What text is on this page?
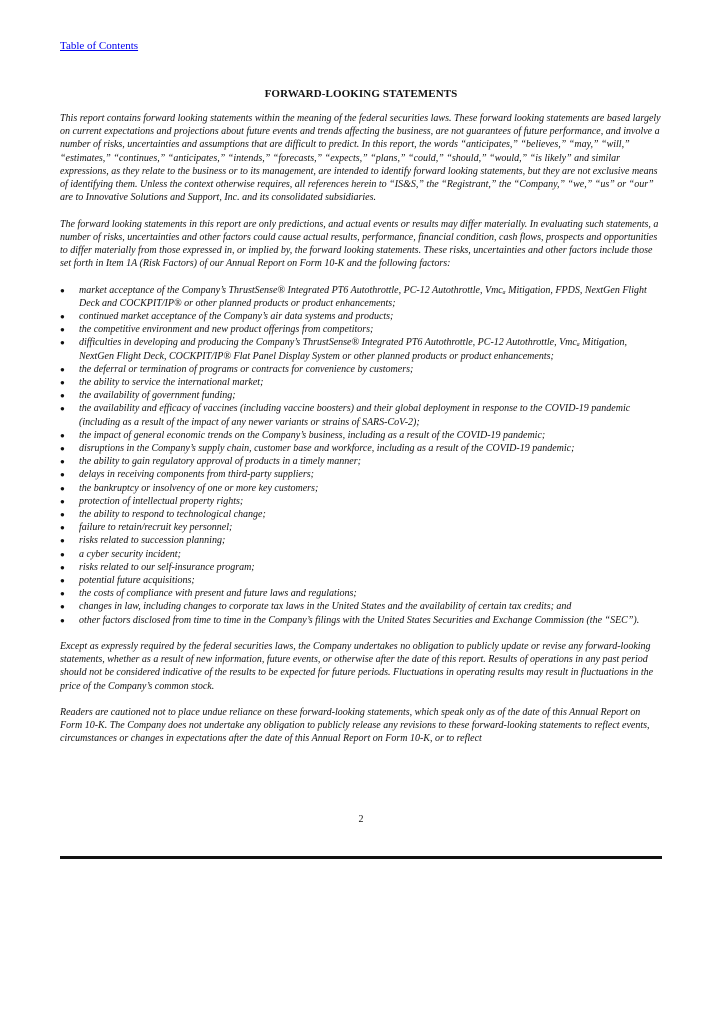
Table of Contents
FORWARD-LOOKING STATEMENTS

This report contains forward looking statements within the meaning of the federal securities laws. These forward looking statements are based largely on current expectations and projections about future events and trends affecting the business, are not guarantees of future performance, and involve a number of risks, uncertainties and assumptions that are difficult to predict. In this report, the words “anticipates,” “believes,” “may,” “will,” “estimates,” “continues,” “anticipates,” “intends,” “forecasts,” “expects,” “plans,” “could,” “should,” “would,” “is likely” and similar expressions, as they relate to the business or to its management, are intended to identify forward looking statements, but they are not exclusive means of identifying them. Unless the context otherwise requires, all references herein to “IS&S,” the “Registrant,” the “Company,” “we,” “us” or “our” are to Innovative Solutions and Support, Inc. and its consolidated subsidiaries.

The forward looking statements in this report are only predictions, and actual events or results may differ materially. In evaluating such statements, a number of risks, uncertainties and other factors could cause actual results, performance, financial condition, cash flows, prospects and opportunities to differ materially from those expressed in, or implied by, the forward looking statements. These risks, uncertainties and other factors include those set forth in Item 1A (Risk Factors) of our Annual Report on Form 10-K and the following factors:

● market acceptance of the Company’s ThrustSense® Integrated PT6 Autothrottle, PC-12 Autothrottle, Vmcₐ Mitigation, FPDS, NextGen Flight Deck and COCKPIT/IP® or other planned products or product enhancements;
● continued market acceptance of the Company’s air data systems and products;
● the competitive environment and new product offerings from competitors;
● difficulties in developing and producing the Company’s ThrustSense® Integrated PT6 Autothrottle, PC-12 Autothrottle, Vmcₐ Mitigation, NextGen Flight Deck, COCKPIT/IP® Flat Panel Display System or other planned products or product enhancements;
● the deferral or termination of programs or contracts for convenience by customers;
● the ability to service the international market;
● the availability of government funding;
● the availability and efficacy of vaccines (including vaccine boosters) and their global deployment in response to the COVID-19 pandemic (including as a result of the impact of any newer variants or strains of SARS-CoV-2);
● the impact of general economic trends on the Company’s business, including as a result of the COVID-19 pandemic;
● disruptions in the Company’s supply chain, customer base and workforce, including as a result of the COVID-19 pandemic;
● the ability to gain regulatory approval of products in a timely manner;
● delays in receiving components from third-party suppliers;
● the bankruptcy or insolvency of one or more key customers;
● protection of intellectual property rights;
● the ability to respond to technological change;
● failure to retain/recruit key personnel;
● risks related to succession planning;
● a cyber security incident;
● risks related to our self-insurance program;
● potential future acquisitions;
● the costs of compliance with present and future laws and regulations;
● changes in law, including changes to corporate tax laws in the United States and the availability of certain tax credits; and
● other factors disclosed from time to time in the Company’s filings with the United States Securities and Exchange Commission (the “SEC”).

Except as expressly required by the federal securities laws, the Company undertakes no obligation to publicly update or revise any forward-looking statements, whether as a result of new information, future events, or otherwise after the date of this report. Results of operations in any past period should not be considered indicative of the results to be expected for future periods. Fluctuations in operating results may result in fluctuations in the price of the Company’s common stock.

Readers are cautioned not to place undue reliance on these forward-looking statements, which speak only as of the date of this Annual Report on Form 10-K. The Company does not undertake any obligation to publicly release any revisions to these forward-looking statements to reflect events, circumstances or changes in expectations after the date of this Annual Report on Form 10-K, or to reflect

2
